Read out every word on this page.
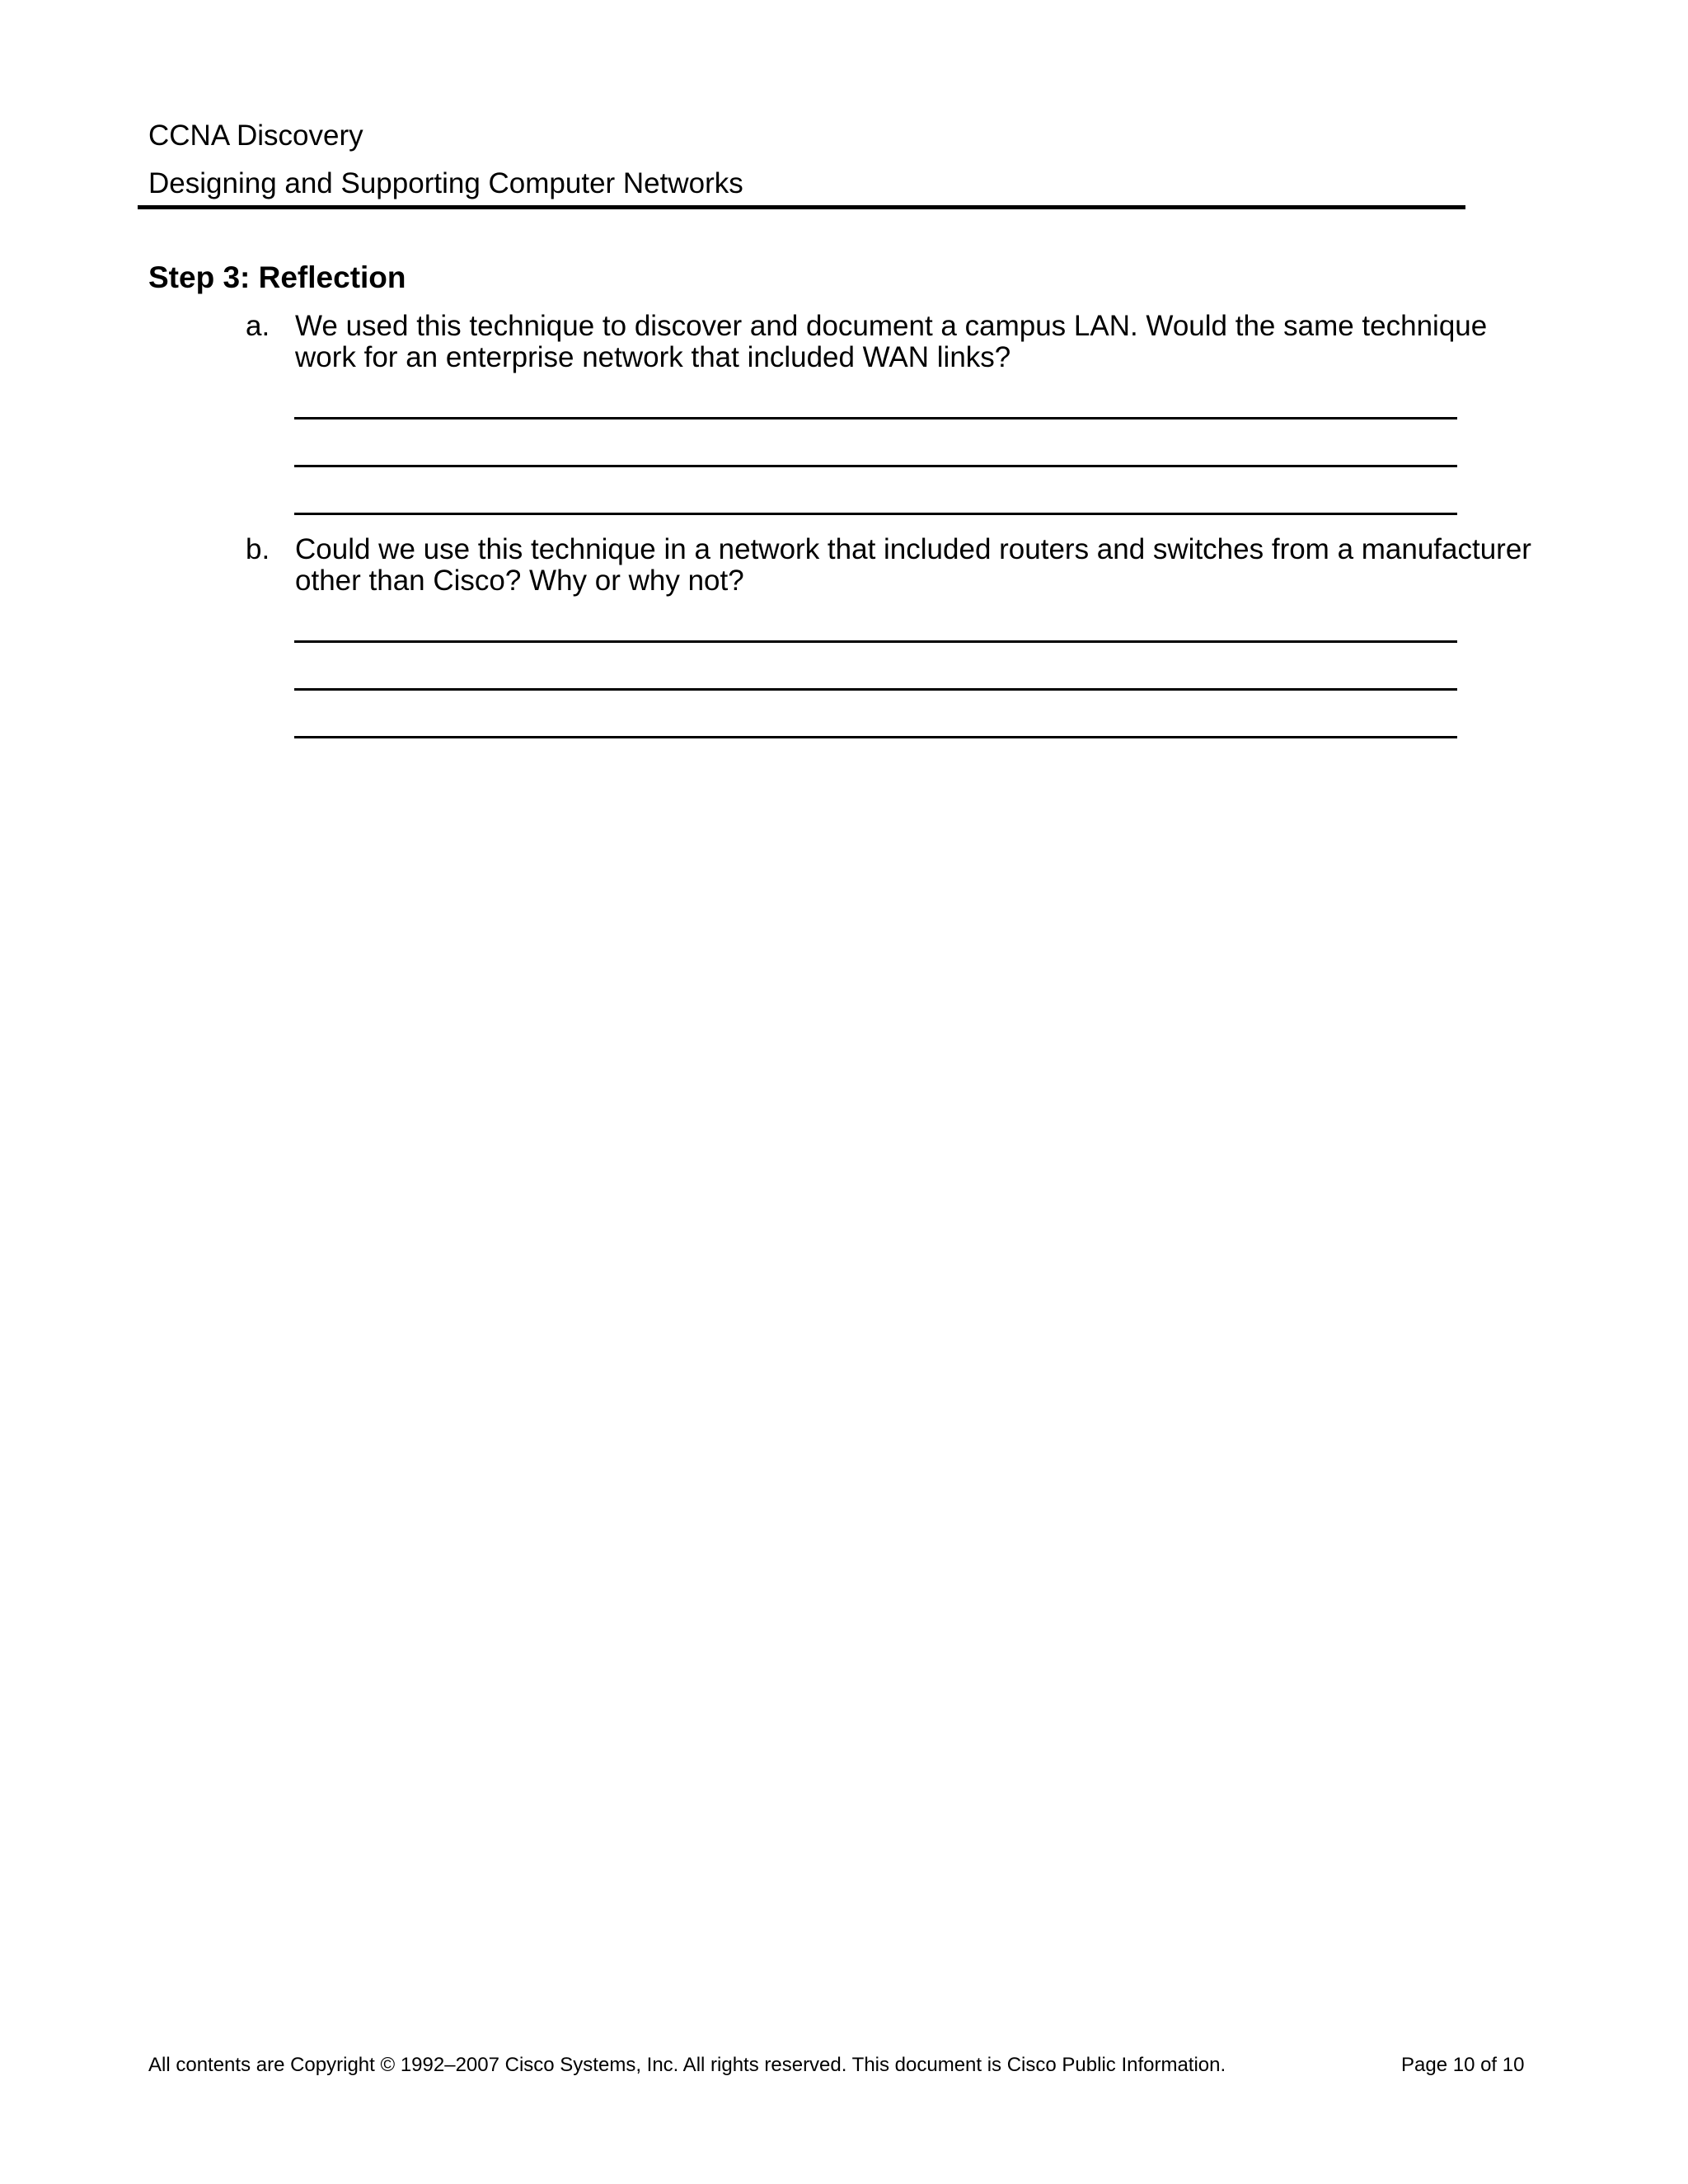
CCNA Discovery
Designing and Supporting Computer Networks
Step 3: Reflection
a. We used this technique to discover and document a campus LAN. Would the same technique work for an enterprise network that included WAN links?
b. Could we use this technique in a network that included routers and switches from a manufacturer other than Cisco? Why or why not?
All contents are Copyright © 1992–2007 Cisco Systems, Inc. All rights reserved. This document is Cisco Public Information.	Page 10 of 10
